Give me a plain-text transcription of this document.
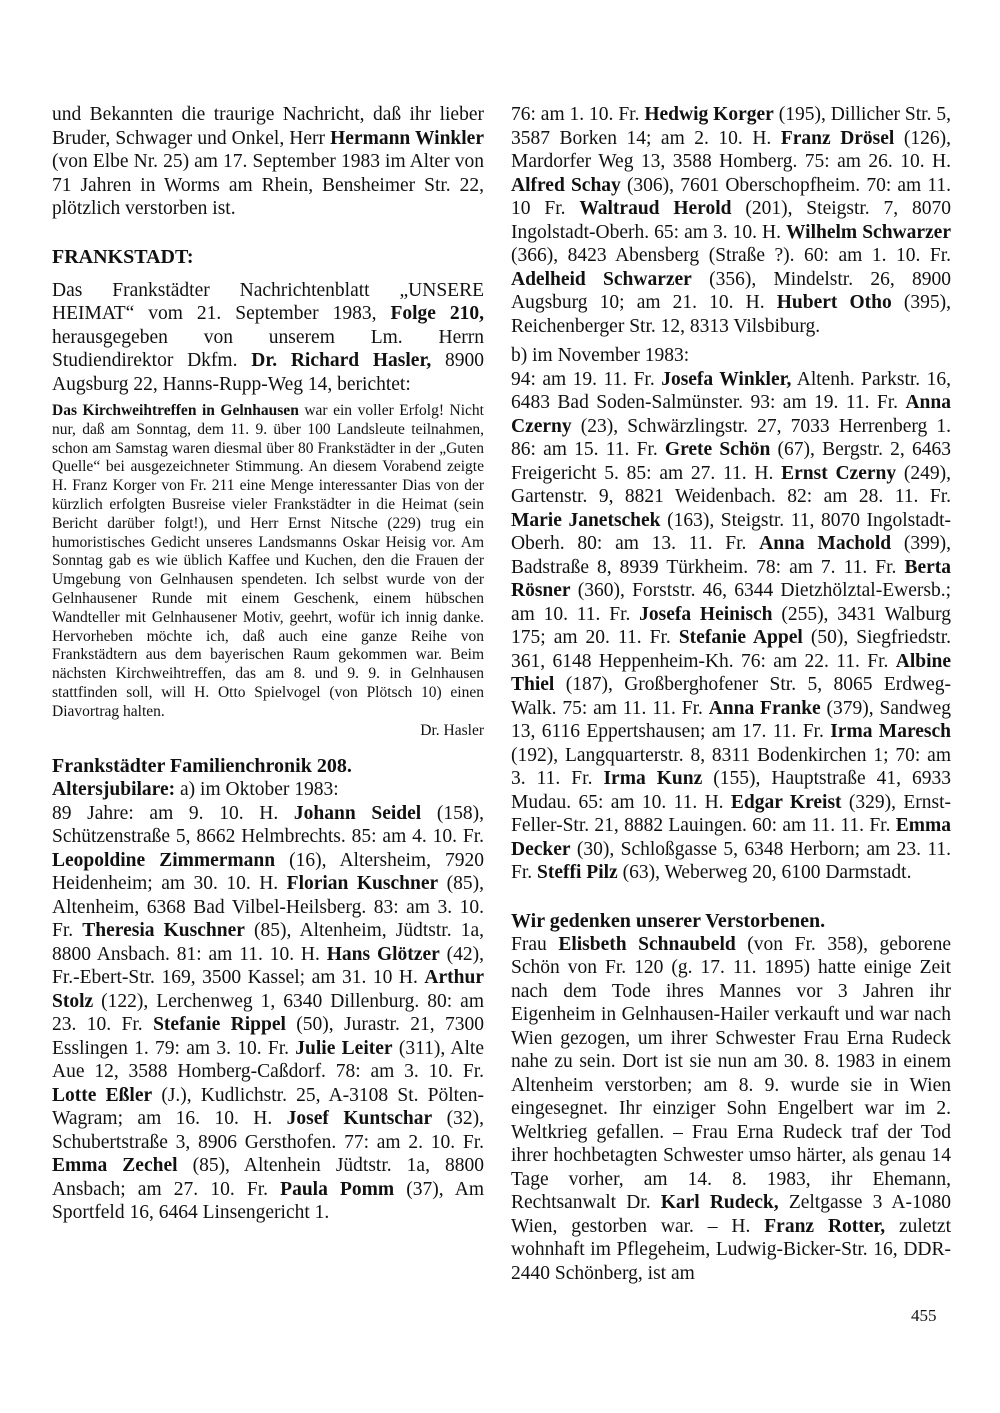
und Bekannten die traurige Nachricht, daß ihr lieber Bruder, Schwager und Onkel, Herr Hermann Winkler (von Elbe Nr. 25) am 17. September 1983 im Alter von 71 Jahren in Worms am Rhein, Bensheimer Str. 22, plötzlich verstorben ist.

FRANKSTADT:

Das Frankstädter Nachrichtenblatt „UNSERE HEIMAT“ vom 21. September 1983, Folge 210, herausgegeben von unserem Lm. Herrn Studiendirektor Dkfm. Dr. Richard Hasler, 8900 Augsburg 22, Hanns-Rupp-Weg 14, berichtet:

Das Kirchweihtreffen in Gelnhausen war ein voller Erfolg! Nicht nur, daß am Sonntag, dem 11. 9. über 100 Landsleute teilnahmen, schon am Samstag waren diesmal über 80 Frankstädter in der „Guten Quelle“ bei ausgezeichneter Stimmung. An diesem Vorabend zeigte H. Franz Korger von Fr. 211 eine Menge interessanter Dias von der kürzlich erfolgten Busreise vieler Frankstädter in die Heimat (sein Bericht darüber folgt!), und Herr Ernst Nitsche (229) trug ein humoristisches Gedicht unseres Landsmanns Oskar Heisig vor. Am Sonntag gab es wie üblich Kaffee und Kuchen, den die Frauen der Umgebung von Gelnhausen spendeten. Ich selbst wurde von der Gelnhausener Runde mit einem Geschenk, einem hübschen Wandteller mit Gelnhausener Motiv, geehrt, wofür ich innig danke. Hervorheben möchte ich, daß auch eine ganze Reihe von Frankstädtern aus dem bayerischen Raum gekommen war. Beim nächsten Kirchweihtreffen, das am 8. und 9. 9. in Gelnhausen stattfinden soll, will H. Otto Spielvogel (von Plötsch 10) einen Diavortrag halten.

Dr. Hasler

Frankstädter Familienchronik 208.

Altersjubilare: a) im Oktober 1983:

89 Jahre: am 9. 10. H. Johann Seidel (158), Schützenstraße 5, 8662 Helmbrechts. 85: am 4. 10. Fr. Leopoldine Zimmermann (16), Altersheim, 7920 Heidenheim; am 30. 10. H. Florian Kuschner (85), Altenheim, 6368 Bad Vilbel-Heilsberg. 83: am 3. 10. Fr. Theresia Kuschner (85), Altenheim, Jüdtstr. 1a, 8800 Ansbach. 81: am 11. 10. H. Hans Glötzer (42), Fr.-Ebert-Str. 169, 3500 Kassel; am 31. 10 H. Arthur Stolz (122), Lerchenweg 1, 6340 Dillenburg. 80: am 23. 10. Fr. Stefanie Rippel (50), Jurastr. 21, 7300 Esslingen 1. 79: am 3. 10. Fr. Julie Leiter (311), Alte Aue 12, 3588 Homberg-Caßdorf. 78: am 3. 10. Fr. Lotte Eßler (J.), Kudlichstr. 25, A-3108 St. Pölten-Wagram; am 16. 10. H. Josef Kuntschar (32), Schubertstraße 3, 8906 Gersthofen. 77: am 2. 10. Fr. Emma Zechel (85), Altenhein Jüdtstr. 1a, 8800 Ansbach; am 27. 10. Fr. Paula Pomm (37), Am Sportfeld 16, 6464 Linsengericht 1.

76: am 1. 10. Fr. Hedwig Korger (195), Dillicher Str. 5, 3587 Borken 14; am 2. 10. H. Franz Drösel (126), Mardorfer Weg 13, 3588 Homberg. 75: am 26. 10. H. Alfred Schay (306), 7601 Oberschopfheim. 70: am 11. 10 Fr. Waltraud Herold (201), Steigstr. 7, 8070 Ingolstadt-Oberh. 65: am 3. 10. H. Wilhelm Schwarzer (366), 8423 Abensberg (Straße ?). 60: am 1. 10. Fr. Adelheid Schwarzer (356), Mindelstr. 26, 8900 Augsburg 10; am 21. 10. H. Hubert Otho (395), Reichenberger Str. 12, 8313 Vilsbiburg.

b) im November 1983:

94: am 19. 11. Fr. Josefa Winkler, Altenh. Parkstr. 16, 6483 Bad Soden-Salmünster. 93: am 19. 11. Fr. Anna Czerny (23), Schwärzlingstr. 27, 7033 Herrenberg 1. 86: am 15. 11. Fr. Grete Schön (67), Bergstr. 2, 6463 Freigericht 5. 85: am 27. 11. H. Ernst Czerny (249), Gartenstr. 9, 8821 Weidenbach. 82: am 28. 11. Fr. Marie Janetschek (163), Steigstr. 11, 8070 Ingolstadt-Oberh. 80: am 13. 11. Fr. Anna Machold (399), Badstraße 8, 8939 Türkheim. 78: am 7. 11. Fr. Berta Rösner (360), Forststr. 46, 6344 Dietzhölztal-Ewersb.; am 10. 11. Fr. Josefa Heinisch (255), 3431 Walburg 175; am 20. 11. Fr. Stefanie Appel (50), Siegfriedstr. 361, 6148 Heppenheim-Kh. 76: am 22. 11. Fr. Albine Thiel (187), Großberghofener Str. 5, 8065 Erdweg-Walk. 75: am 11. 11. Fr. Anna Franke (379), Sandweg 13, 6116 Eppertshausen; am 17. 11. Fr. Irma Maresch (192), Langquarterstr. 8, 8311 Bodenkirchen 1; 70: am 3. 11. Fr. Irma Kunz (155), Hauptstraße 41, 6933 Mudau. 65: am 10. 11. H. Edgar Kreist (329), Ernst-Feller-Str. 21, 8882 Lauingen. 60: am 11. 11. Fr. Emma Decker (30), Schloßgasse 5, 6348 Herborn; am 23. 11. Fr. Steffi Pilz (63), Weberweg 20, 6100 Darmstadt.

Wir gedenken unserer Verstorbenen.

Frau Elisbeth Schnaubeld (von Fr. 358), geborene Schön von Fr. 120 (g. 17. 11. 1895) hatte einige Zeit nach dem Tode ihres Mannes vor 3 Jahren ihr Eigenheim in Gelnhausen-Hailer verkauft und war nach Wien gezogen, um ihrer Schwester Frau Erna Rudeck nahe zu sein. Dort ist sie nun am 30. 8. 1983 in einem Altenheim verstorben; am 8. 9. wurde sie in Wien eingesegnet. Ihr einziger Sohn Engelbert war im 2. Weltkrieg gefallen. – Frau Erna Rudeck traf der Tod ihrer hochbetagten Schwester umso härter, als genau 14 Tage vorher, am 14. 8. 1983, ihr Ehemann, Rechtsanwalt Dr. Karl Rudeck, Zeltgasse 3 A-1080 Wien, gestorben war. – H. Franz Rotter, zuletzt wohnhaft im Pflegeheim, Ludwig-Bicker-Str. 16, DDR-2440 Schönberg, ist am

455
